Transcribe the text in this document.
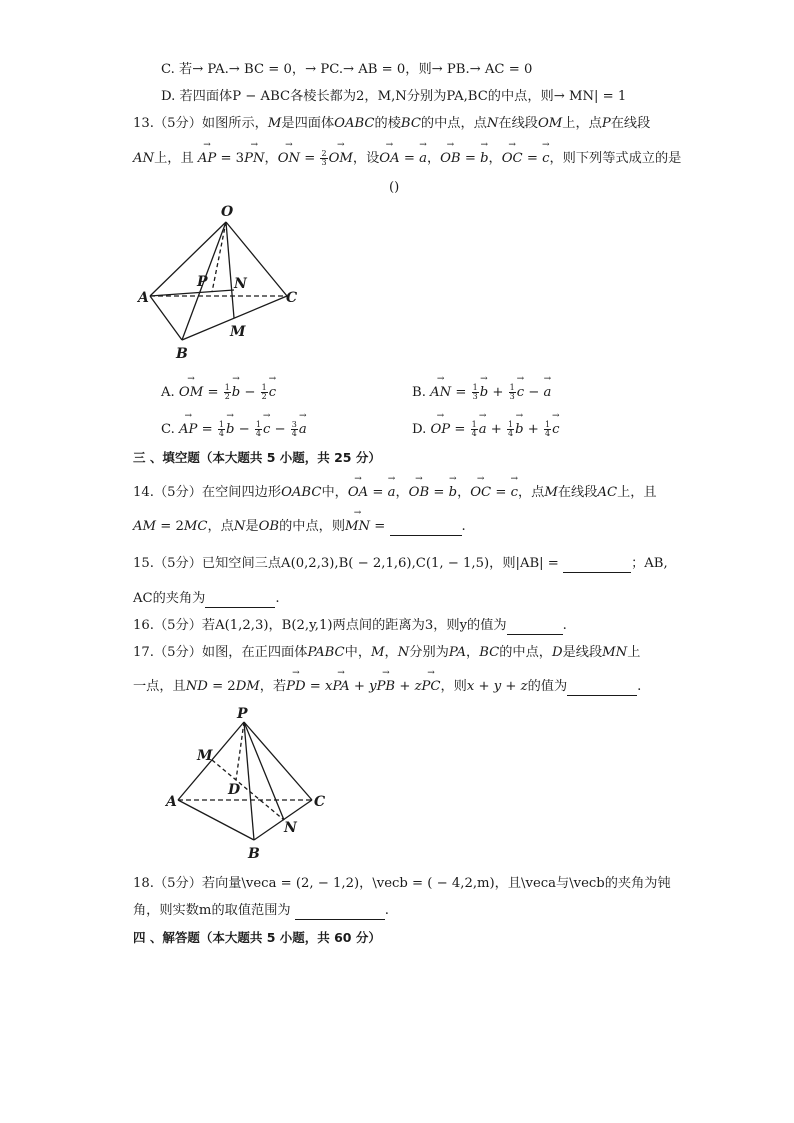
C. 若→ PA.→ BC = 0，→ PC.→ AB = 0，则→ PB.→ AC = 0
D. 若四面体P − ABC各棱长都为2，M,N分别为PA,BC的中点，则→ MN| = 1
13.（5分）如图所示，M是四面体OABC的棱BC的中点，点N在线段OM上，点P在线段
AN上，且 → AP = 3→ PN，→ ON = $\frac{2}{3}$
→ OM，设→ OA = → a，→ OB = → b，→ OC = → c，则下列等式成立的是
()
O
P N
A	C
M
B
A. → OM = $\frac{1}{2}$
→ $b - \frac{1}{2}$
→ c	B. → AN = $\frac{1}{3}$
→ $b + \frac{1}{3}$
→ c − → a
C. → AP = $\frac{1}{4}$
→ $b - \frac{1}{4}$
→ $c - \frac{3}{4}$
→ a	D. → OP = $\frac{1}{4}$
→ $a + \frac{1}{4}$
→ $b + \frac{1}{4}$
→ c
三 、填空题（本大题共 5 小题，共 25 分）
14.（5分）在空间四边形OABC中，→ OA = → a，→ OB = → b，→ OC = → c，点M在线段AC上，且
AM = 2MC，点N是OB的中点，则→ MN =	.
15.（5分）已知空间三点A(0,2,3),B( − 2,1,6),C(1, − 1,5)，则|AB| =	；AB,
AC的夹角为	.
16.（5分）若A(1,2,3)，B(2,y,1)两点间的距离为3，则y的值为	.
17.（5分）如图，在正四面体PABC中，M，N分别为PA，BC的中点，D是线段MN上
一点，且ND = 2DM，若→ PD = x→ PA + y→ PB + z→ PC，则x + y + z的值为	.
P
M
D
A	C
N
B
18.（5分）若向量\veca = (2, − 1,2)，\vecb = ( − 4,2,m)，且\veca与\vecb的夹角为钝
角，则实数m的取值范围为	.
四 、解答题（本大题共 5 小题，共 60 分）
